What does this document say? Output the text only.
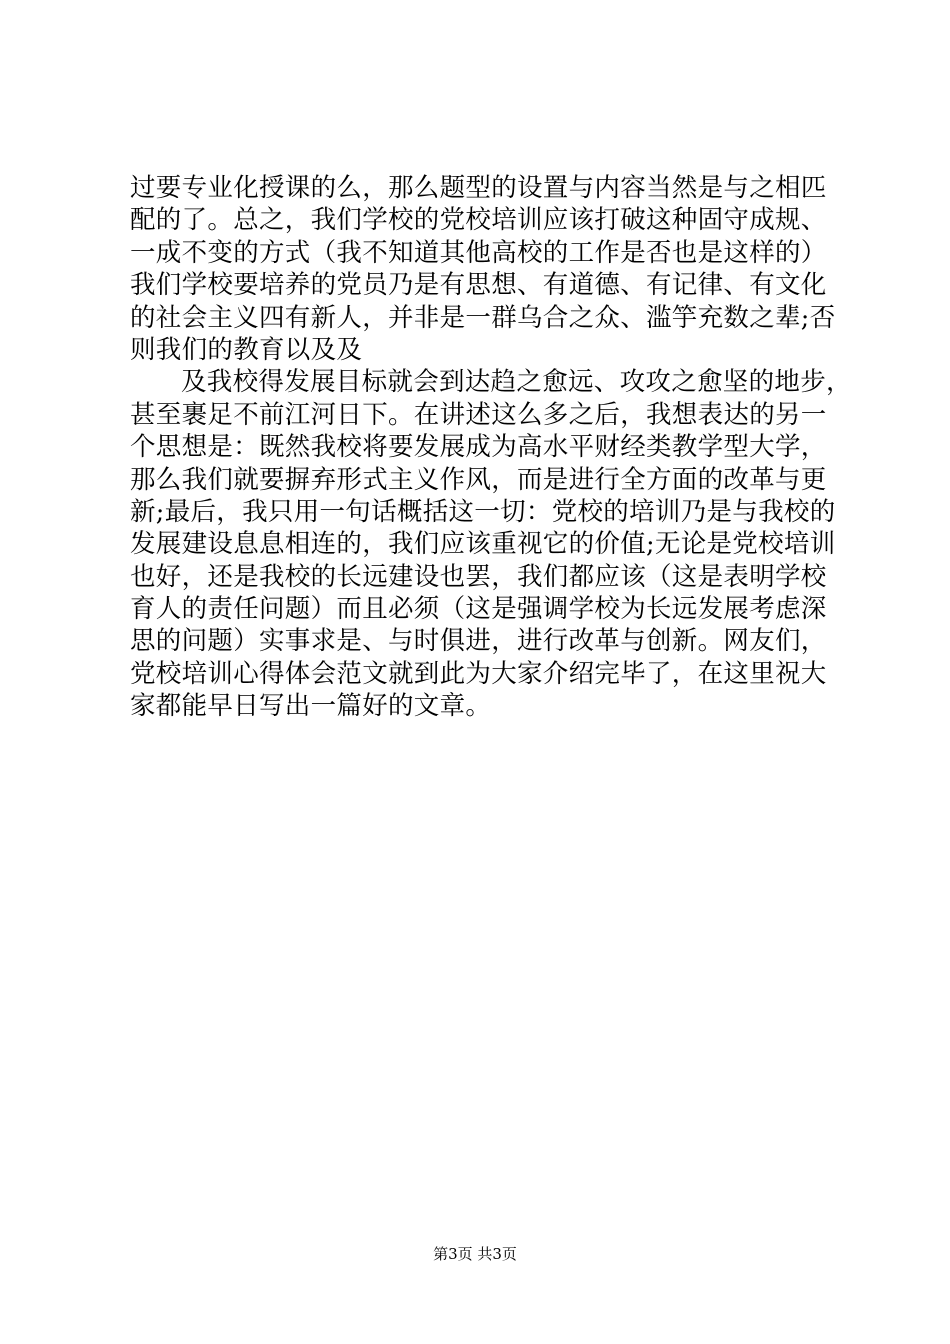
过要专业化授课的么，那么题型的设置与内容当然是与之相匹
配的了。总之，我们学校的党校培训应该打破这种固守成规、
一成不变的方式（我不知道其他高校的工作是否也是这样的）
我们学校要培养的党员乃是有思想、有道德、有记律、有文化
的社会主义四有新人，并非是一群乌合之众、滥竽充数之辈;否
则我们的教育以及及
及我校得发展目标就会到达趋之愈远、攻攻之愈坚的地步，
甚至裹足不前江河日下。在讲述这么多之后，我想表达的另一
个思想是：既然我校将要发展成为高水平财经类教学型大学，
那么我们就要摒弃形式主义作风，而是进行全方面的改革与更
新;最后，我只用一句话概括这一切：党校的培训乃是与我校的
发展建设息息相连的，我们应该重视它的价值;无论是党校培训
也好，还是我校的长远建设也罢，我们都应该（这是表明学校
育人的责任问题）而且必须（这是强调学校为长远发展考虑深
思的问题）实事求是、与时俱进，进行改革与创新。网友们，
党校培训心得体会范文就到此为大家介绍完毕了，在这里祝大
家都能早日写出一篇好的文章。
第3页 共3页
